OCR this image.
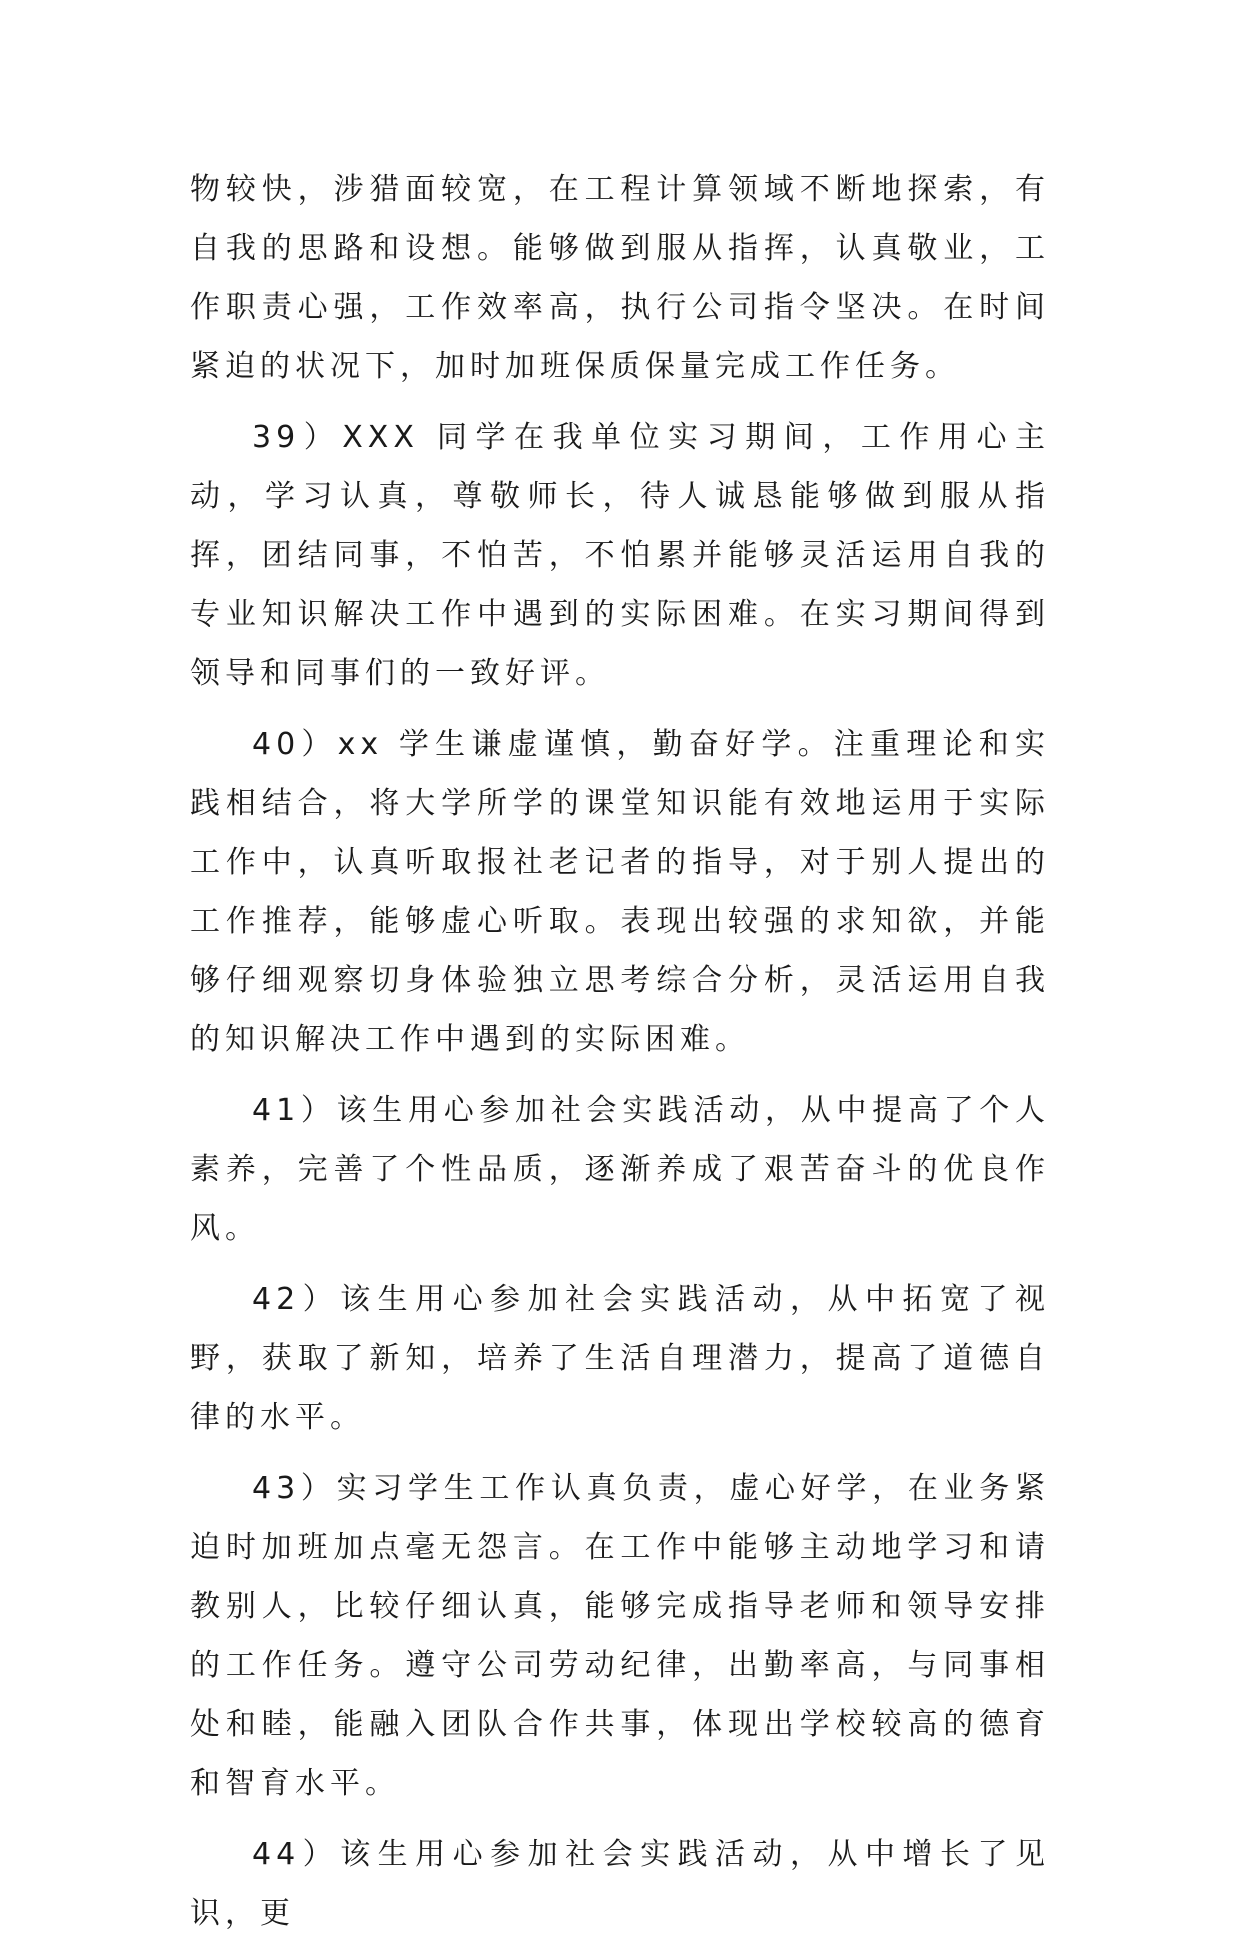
物较快，涉猎面较宽，在工程计算领域不断地探索，有自我的思路和设想。能够做到服从指挥，认真敬业，工作职责心强，工作效率高，执行公司指令坚决。在时间紧迫的状况下，加时加班保质保量完成工作任务。

39）XXX 同学在我单位实习期间，工作用心主动，学习认真，尊敬师长，待人诚恳能够做到服从指挥，团结同事，不怕苦，不怕累并能够灵活运用自我的专业知识解决工作中遇到的实际困难。在实习期间得到领导和同事们的一致好评。

40）xx 学生谦虚谨慎，勤奋好学。注重理论和实践相结合，将大学所学的课堂知识能有效地运用于实际工作中，认真听取报社老记者的指导，对于别人提出的工作推荐，能够虚心听取。表现出较强的求知欲，并能够仔细观察切身体验独立思考综合分析，灵活运用自我的知识解决工作中遇到的实际困难。

41）该生用心参加社会实践活动，从中提高了个人素养，完善了个性品质，逐渐养成了艰苦奋斗的优良作风。

42）该生用心参加社会实践活动，从中拓宽了视野，获取了新知，培养了生活自理潜力，提高了道德自律的水平。

43）实习学生工作认真负责，虚心好学，在业务紧迫时加班加点毫无怨言。在工作中能够主动地学习和请教别人，比较仔细认真，能够完成指导老师和领导安排的工作任务。遵守公司劳动纪律，出勤率高，与同事相处和睦，能融入团队合作共事，体现出学校较高的德育和智育水平。

44）该生用心参加社会实践活动，从中增长了见识，更
